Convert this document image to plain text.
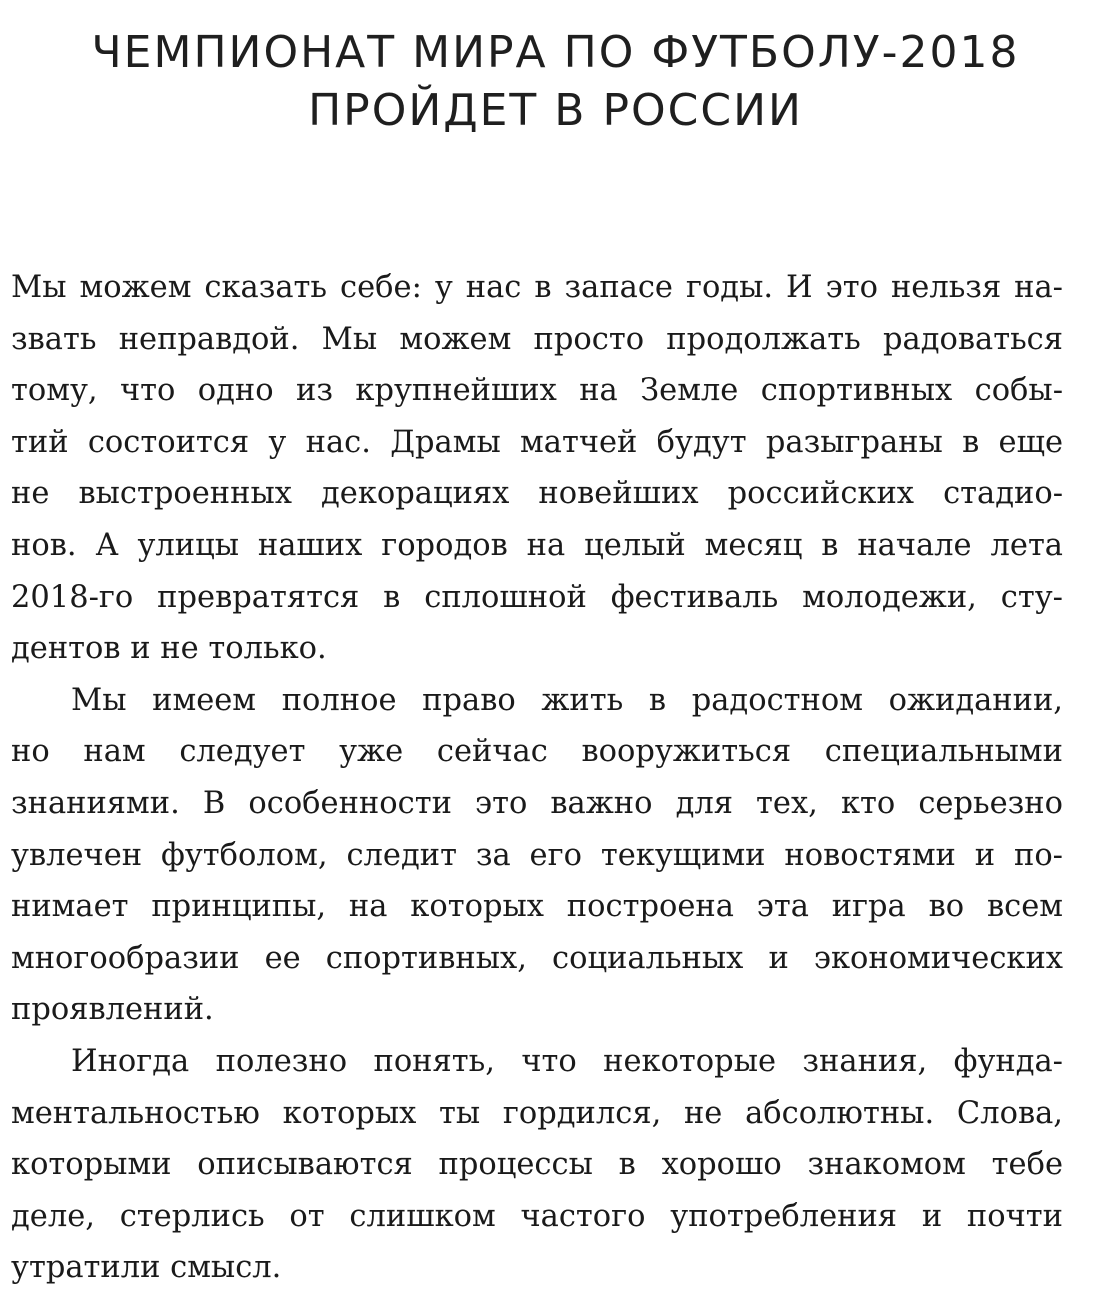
ЧЕМПИОНАТ МИРА ПО ФУТБОЛУ-2018
ПРОЙДЕТ В РОССИИ
Мы можем сказать себе: у нас в запасе годы. И это нельзя на-
звать неправдой. Мы можем просто продолжать радоваться
тому, что одно из крупнейших на Земле спортивных собы-
тий состоится у нас. Драмы матчей будут разыграны в еще
не выстроенных декорациях новейших российских стадио-
нов. А улицы наших городов на целый месяц в начале лета
2018-го превратятся в сплошной фестиваль молодежи, сту-
дентов и не только.
Мы имеем полное право жить в радостном ожидании,
но нам следует уже сейчас вооружиться специальными
знаниями. В особенности это важно для тех, кто серьезно
увлечен футболом, следит за его текущими новостями и по-
нимает принципы, на которых построена эта игра во всем
многообразии ее спортивных, социальных и экономических
проявлений.
Иногда полезно понять, что некоторые знания, фунда-
ментальностью которых ты гордился, не абсолютны. Слова,
которыми описываются процессы в хорошо знакомом тебе
деле, стерлись от слишком частого употребления и почти
утратили смысл.
